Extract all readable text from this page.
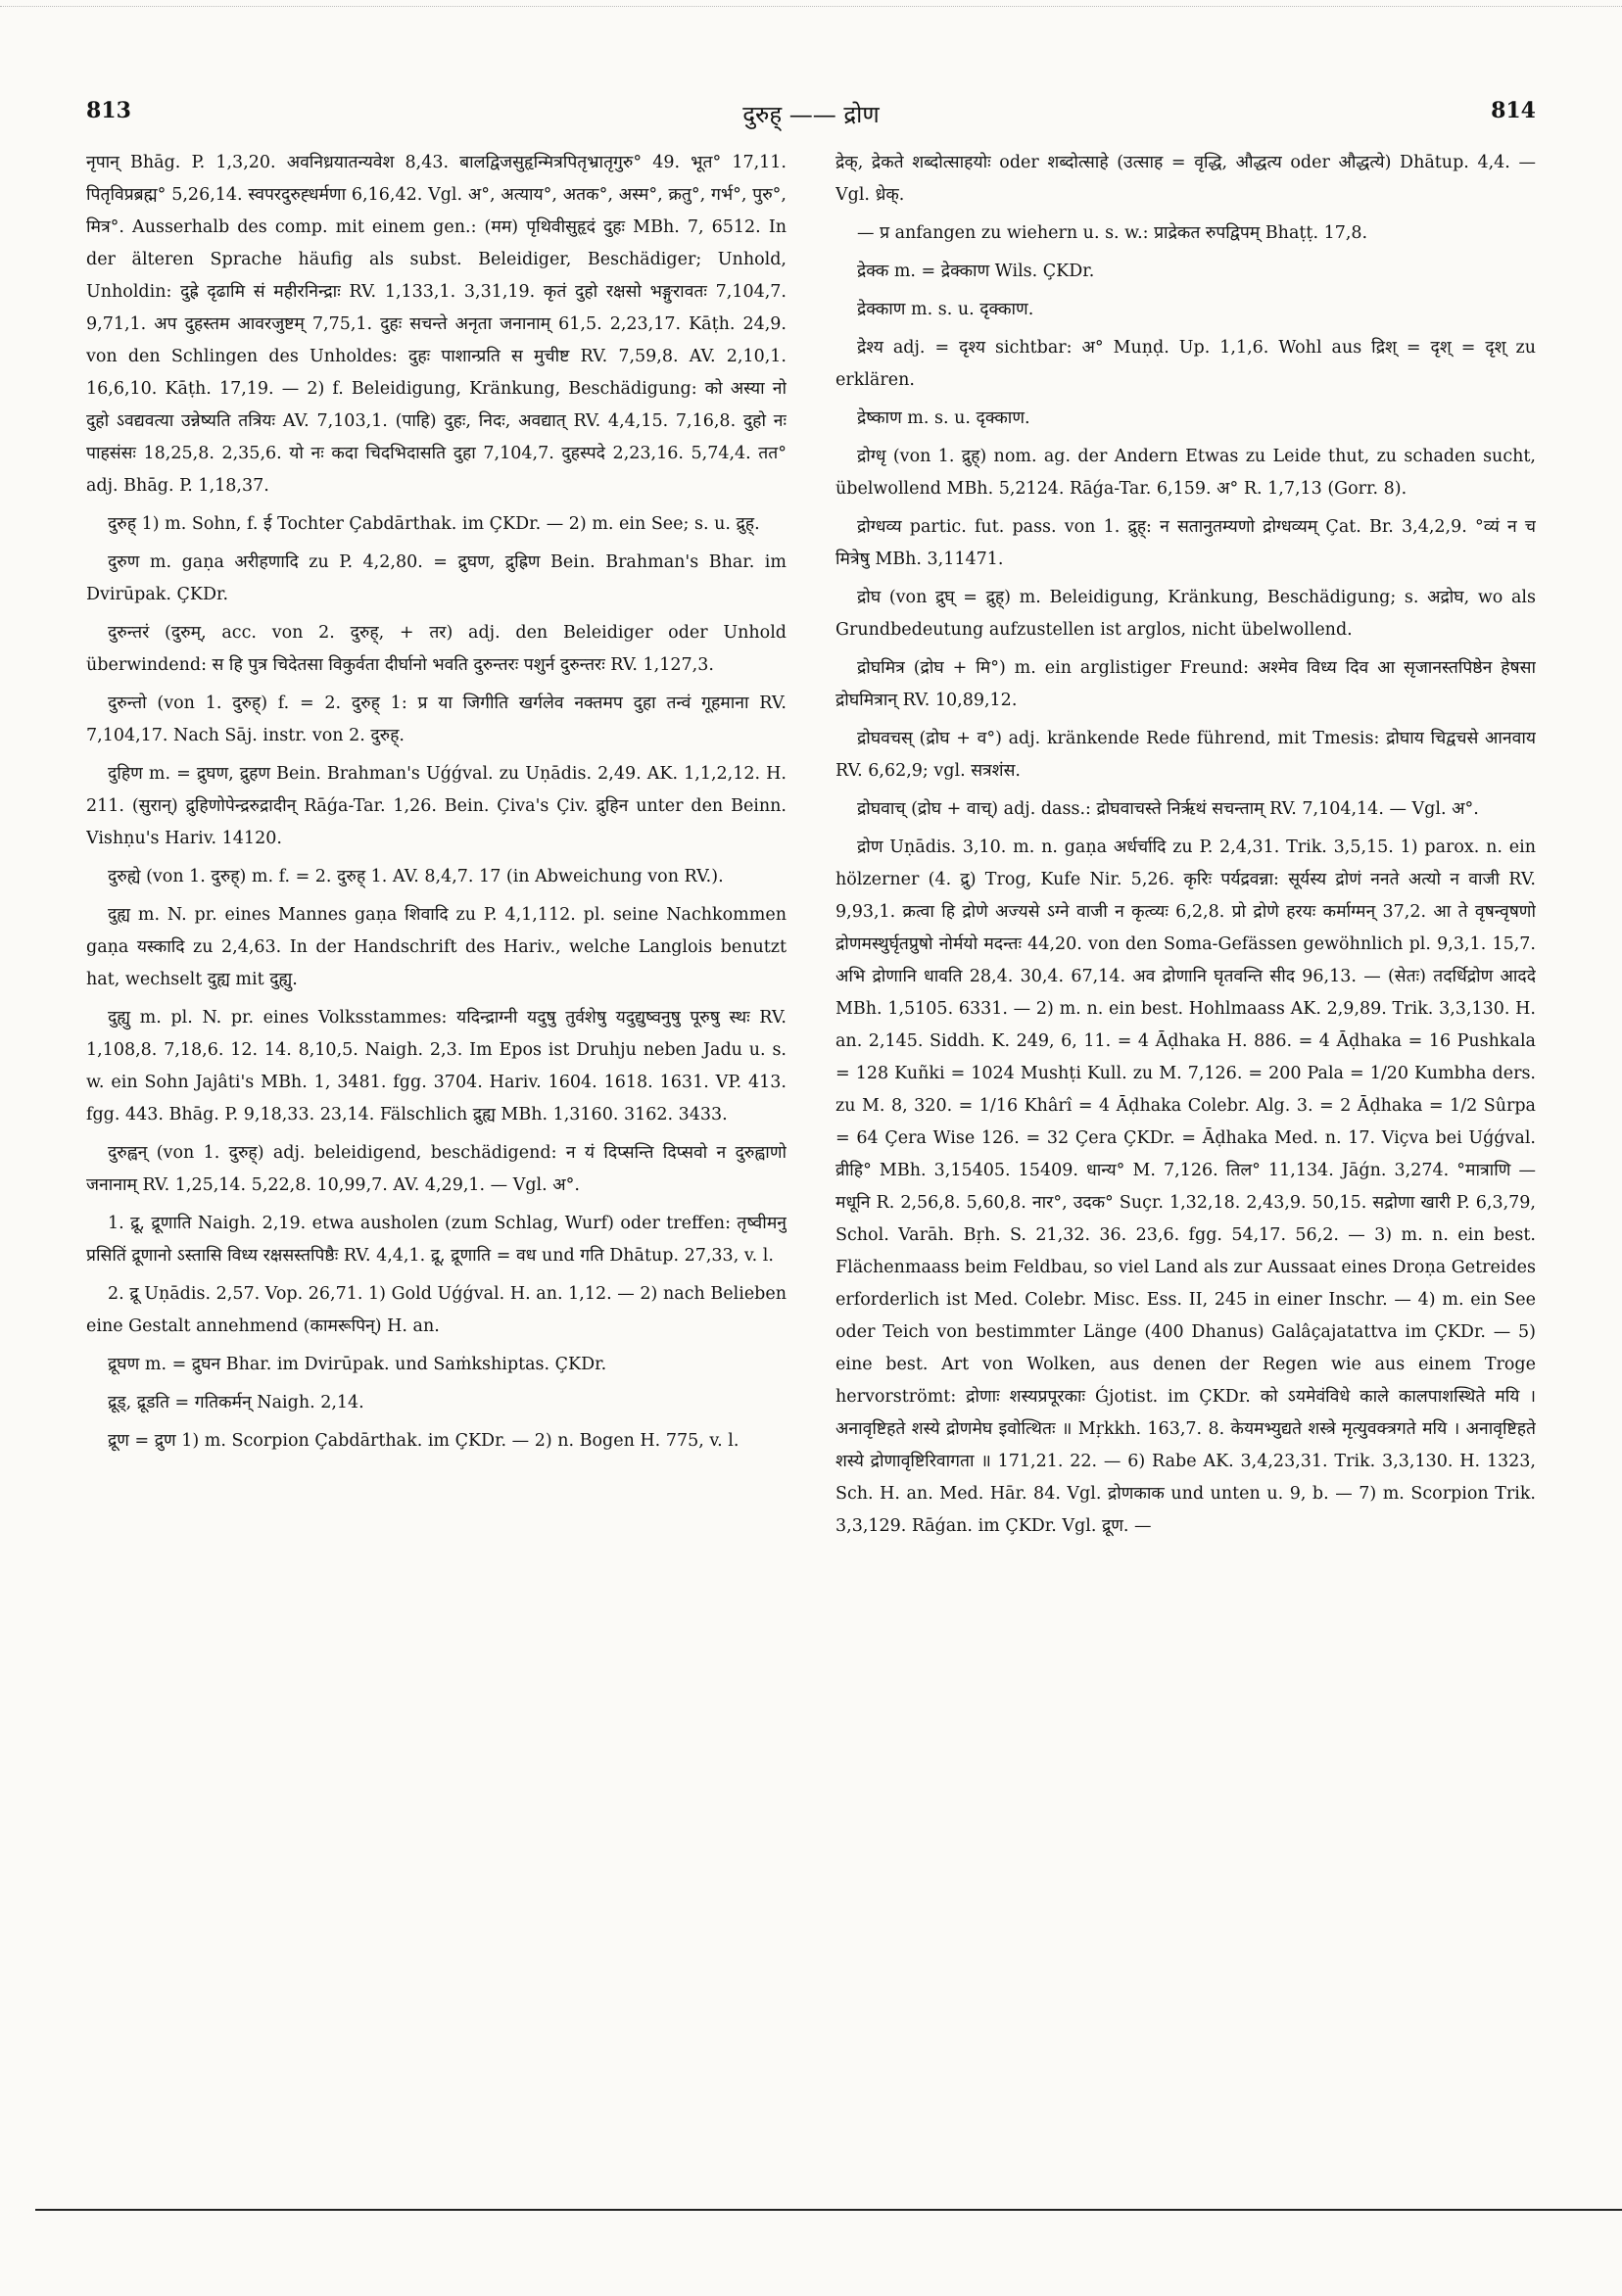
813	दुरुह् —— द्रोण	814

नृपान् Bhāg. P. 1,3,20. अवनिध्रयातन्यवेश 8,43. बालद्विजसुहृन्मित्रपितृभ्रातृगुरु° 49. भूत° 17,11. पितृविप्रब्रह्म° 5,26,14. स्वपरदुरुह्धर्मणा 6,16,42. Vgl. अ°, अत्याय°, अतक°, अस्म°, क्रतु°, गर्भ°, पुरु°, मित्र°. Ausserhalb des comp. mit einem gen.: (मम) पृथिवीसुहृदं दुहः MBh. 7, 6512. In der älteren Sprache häufig als subst. Beleidiger, Beschädiger; Unhold, Unholdin: दुह्रे दृढामि सं महीरनिन्द्राः RV. 1,133,1. 3,31,19. कृतं दुहो रक्षसो भङ्गुरावतः 7,104,7. 9,71,1. अप दुहस्तम आवरजुष्टम् 7,75,1. दुहः सचन्ते अनृता जनानाम् 61,5. 2,23,17. Kāṭh. 24,9. von den Schlingen des Unholdes: दुहः पाशान्प्रति स मुचीष्ट RV. 7,59,8. AV. 2,10,1. 16,6,10. Kāṭh. 17,19. — 2) f. Beleidigung, Kränkung, Beschädigung: को अस्या नो दुहो ऽवद्यवत्या उन्नेष्यति तत्रियः AV. 7,103,1. (पाहि) दुहः, निदः, अवद्यात् RV. 4,4,15. 7,16,8. दुहो नः पाहसंसः 18,25,8. 2,35,6. यो नः कदा चिदभिदासति दुहा 7,104,7. दुहस्पदे 2,23,16. 5,74,4. तत° adj. Bhāg. P. 1,18,37.

दुरुह् 1) m. Sohn, f. ई Tochter Çabdārthak. im ÇKDr. — 2) m. ein See; s. u. द्रुह्.

दुरुण m. gaṇa अरीहणादि zu P. 4,2,80. = द्रुघण, द्रुह्रिण Bein. Brahman's Bhar. im Dvirūpak. ÇKDr.

दुरुन्तरं (दुरुम्, acc. von 2. दुरुह्, + तर) adj. den Beleidiger oder Unhold überwindend: स हि पुत्र चिदेतसा विकुर्वता दीर्घानो भवति दुरुन्तरः पशुर्न दुरुन्तरः RV. 1,127,3.

दुरुन्तो (von 1. दुरुह्) f. = 2. दुरुह् 1: प्र या जिगीति खर्गलेव नक्तमप दुहा तन्वं गूहमाना RV. 7,104,17. Nach Sāj. instr. von 2. दुरुह्.

दुहिण m. = द्रुघण, द्रुहण Bein. Brahman's Uǵǵval. zu Uṇādis. 2,49. AK. 1,1,2,12. H. 211. (सुरान्) द्रुहिणोपेन्द्ररुद्रादीन् Rāǵa-Tar. 1,26. Bein. Çiva's Çiv. द्रुहिन unter den Beinn. Vishṇu's Hariv. 14120.

दुरुह्ये (von 1. दुरुह्) m. f. = 2. दुरुह् 1. AV. 8,4,7. 17 (in Abweichung von RV.).

दुह्य m. N. pr. eines Mannes gaṇa शिवादि zu P. 4,1,112. pl. seine Nachkommen gaṇa यस्कादि zu 2,4,63. In der Handschrift des Hariv., welche Langlois benutzt hat, wechselt दुह्य mit दुह्यु.

दुह्यु m. pl. N. pr. eines Volksstammes: यदिन्द्राग्नी यदुषु तुर्वशेषु यदुद्युष्वनुषु पूरुषु स्थः RV. 1,108,8. 7,18,6. 12. 14. 8,10,5. Naigh. 2,3. Im Epos ist Druhju neben Jadu u. s. w. ein Sohn Jajâti's MBh. 1, 3481. fgg. 3704. Hariv. 1604. 1618. 1631. VP. 413. fgg. 443. Bhāg. P. 9,18,33. 23,14. Fälschlich द्रुह्य MBh. 1,3160. 3162. 3433.

दुरुह्वन् (von 1. दुरुह्) adj. beleidigend, beschädigend: न यं दिप्सन्ति दिप्सवो न दुरुह्वाणो जनानाम् RV. 1,25,14. 5,22,8. 10,99,7. AV. 4,29,1. — Vgl. अ°.

1. द्रू, द्रूणाति Naigh. 2,19. etwa ausholen (zum Schlag, Wurf) oder treffen: तृष्वीमनु प्रसितिं द्रूणानो ऽस्तासि विध्य रक्षसस्तपिष्ठैः RV. 4,4,1. द्रू, द्रूणाति = वध und गति Dhātup. 27,33, v. l.

2. द्रू Uṇādis. 2,57. Vop. 26,71. 1) Gold Uǵǵval. H. an. 1,12. — 2) nach Belieben eine Gestalt annehmend (कामरूपिन्) H. an.

द्रूघण m. = द्रुघन Bhar. im Dvirūpak. und Saṁkshiptas. ÇKDr.

द्रूड्, द्रूडति = गतिकर्मन् Naigh. 2,14.

द्रूण = द्रुण 1) m. Scorpion Çabdārthak. im ÇKDr. — 2) n. Bogen H. 775, v. l.

द्रेक्, द्रेकते शब्दोत्साहयोः oder शब्दोत्साहे (उत्साह = वृद्धि, औद्धत्य oder औद्धत्ये) Dhātup. 4,4. — Vgl. ध्रेक्.

— प्र anfangen zu wiehern u. s. w.: प्राद्रेकत रुपद्विपम् Bhaṭṭ. 17,8.

द्रेक्क m. = द्रेक्काण Wils. ÇKDr.

द्रेक्काण m. s. u. दृक्काण.

द्रेश्य adj. = दृश्य sichtbar: अ° Muṇḍ. Up. 1,1,6. Wohl aus द्रिश् = दृश् = दृश् zu erklären.

द्रेष्काण m. s. u. दृक्काण.

द्रोग्धृ (von 1. द्रुह्) nom. ag. der Andern Etwas zu Leide thut, zu schaden sucht, übelwollend MBh. 5,2124. Rāǵa-Tar. 6,159. अ° R. 1,7,13 (Gorr. 8).

द्रोग्धव्य partic. fut. pass. von 1. द्रुह्: न सतानुतम्यणो द्रोग्धव्यम् Çat. Br. 3,4,2,9. °व्यं न च मित्रेषु MBh. 3,11471.

द्रोघ (von द्रुघ् = द्रुह्) m. Beleidigung, Kränkung, Beschädigung; s. अद्रोघ, wo als Grundbedeutung aufzustellen ist arglos, nicht übelwollend.

द्रोघमित्र (द्रोघ + मि°) m. ein arglistiger Freund: अश्मेव विध्य दिव आ सृजानस्तपिष्ठेन हेषसा द्रोघमित्रान् RV. 10,89,12.

द्रोघवचस् (द्रोघ + व°) adj. kränkende Rede führend, mit Tmesis: द्रोघाय चिद्वचसे आनवाय RV. 6,62,9; vgl. सत्रशंस.

द्रोघवाच् (द्रोघ + वाच्) adj. dass.: द्रोघवाचस्ते निर्ऋथं सचन्ताम् RV. 7,104,14. — Vgl. अ°.

द्रोण Uṇādis. 3,10. m. n. gaṇa अर्धर्चादि zu P. 2,4,31. Trik. 3,5,15. 1) parox. n. ein hölzerner (4. द्रु) Trog, Kufe Nir. 5,26. कृरिः पर्यद्रवन्ना: सूर्यस्य द्रोणं ननते अत्यो न वाजी RV. 9,93,1. क्रत्वा हि द्रोणे अज्यसे ऽग्ने वाजी न कृत्व्यः 6,2,8. प्रो द्रोणे हरयः कर्माग्मन् 37,2. आ ते वृषन्वृषणो द्रोणमस्थुर्घृतप्रुषो नोर्मयो मदन्तः 44,20. von den Soma-Gefässen gewöhnlich pl. 9,3,1. 15,7. अभि द्रोणानि धावति 28,4. 30,4. 67,14. अव द्रोणानि घृतवन्ति सीद 96,13. — (सेतः) तदर्धिद्रोण आददे MBh. 1,5105. 6331. — 2) m. n. ein best. Hohlmaass AK. 2,9,89. Trik. 3,3,130. H. an. 2,145. Siddh. K. 249, 6, 11. = 4 Āḍhaka H. 886. = 4 Āḍhaka = 16 Pushkala = 128 Kuñki = 1024 Mushṭi Kull. zu M. 7,126. = 200 Pala = 1/20 Kumbha ders. zu M. 8, 320. = 1/16 Khârî = 4 Āḍhaka Colebr. Alg. 3. = 2 Āḍhaka = 1/2 Sûrpa = 64 Çera Wise 126. = 32 Çera ÇKDr. = Āḍhaka Med. n. 17. Viçva bei Uǵǵval. व्रीहि° MBh. 3,15405. 15409. धान्य° M. 7,126. तिल° 11,134. Jāǵn. 3,274. °मात्राणि — मधूनि R. 2,56,8. 5,60,8. नार°, उदक° Suçr. 1,32,18. 2,43,9. 50,15. सद्रोणा खारी P. 6,3,79, Schol. Varāh. Bṛh. S. 21,32. 36. 23,6. fgg. 54,17. 56,2. — 3) m. n. ein best. Flächenmaass beim Feldbau, so viel Land als zur Aussaat eines Droṇa Getreides erforderlich ist Med. Colebr. Misc. Ess. II, 245 in einer Inschr. — 4) m. ein See oder Teich von bestimmter Länge (400 Dhanus) Galâçajatattva im ÇKDr. — 5) eine best. Art von Wolken, aus denen der Regen wie aus einem Troge hervorströmt: द्रोणाः शस्यप्रपूरकाः Ǵjotist. im ÇKDr. को ऽयमेवंविधे काले कालपाशस्थिते मयि । अनावृष्टिहते शस्ये द्रोणमेघ इवोत्थितः ॥ Mṛkkh. 163,7. 8. केयमभ्युद्यते शस्त्रे मृत्युवक्त्रगते मयि । अनावृष्टिहते शस्ये द्रोणावृष्टिरिवागता ॥ 171,21. 22. — 6) Rabe AK. 3,4,23,31. Trik. 3,3,130. H. 1323, Sch. H. an. Med. Hār. 84. Vgl. द्रोणकाक und unten u. 9, b. — 7) m. Scorpion Trik. 3,3,129. Rāǵan. im ÇKDr. Vgl. द्रूण. —
